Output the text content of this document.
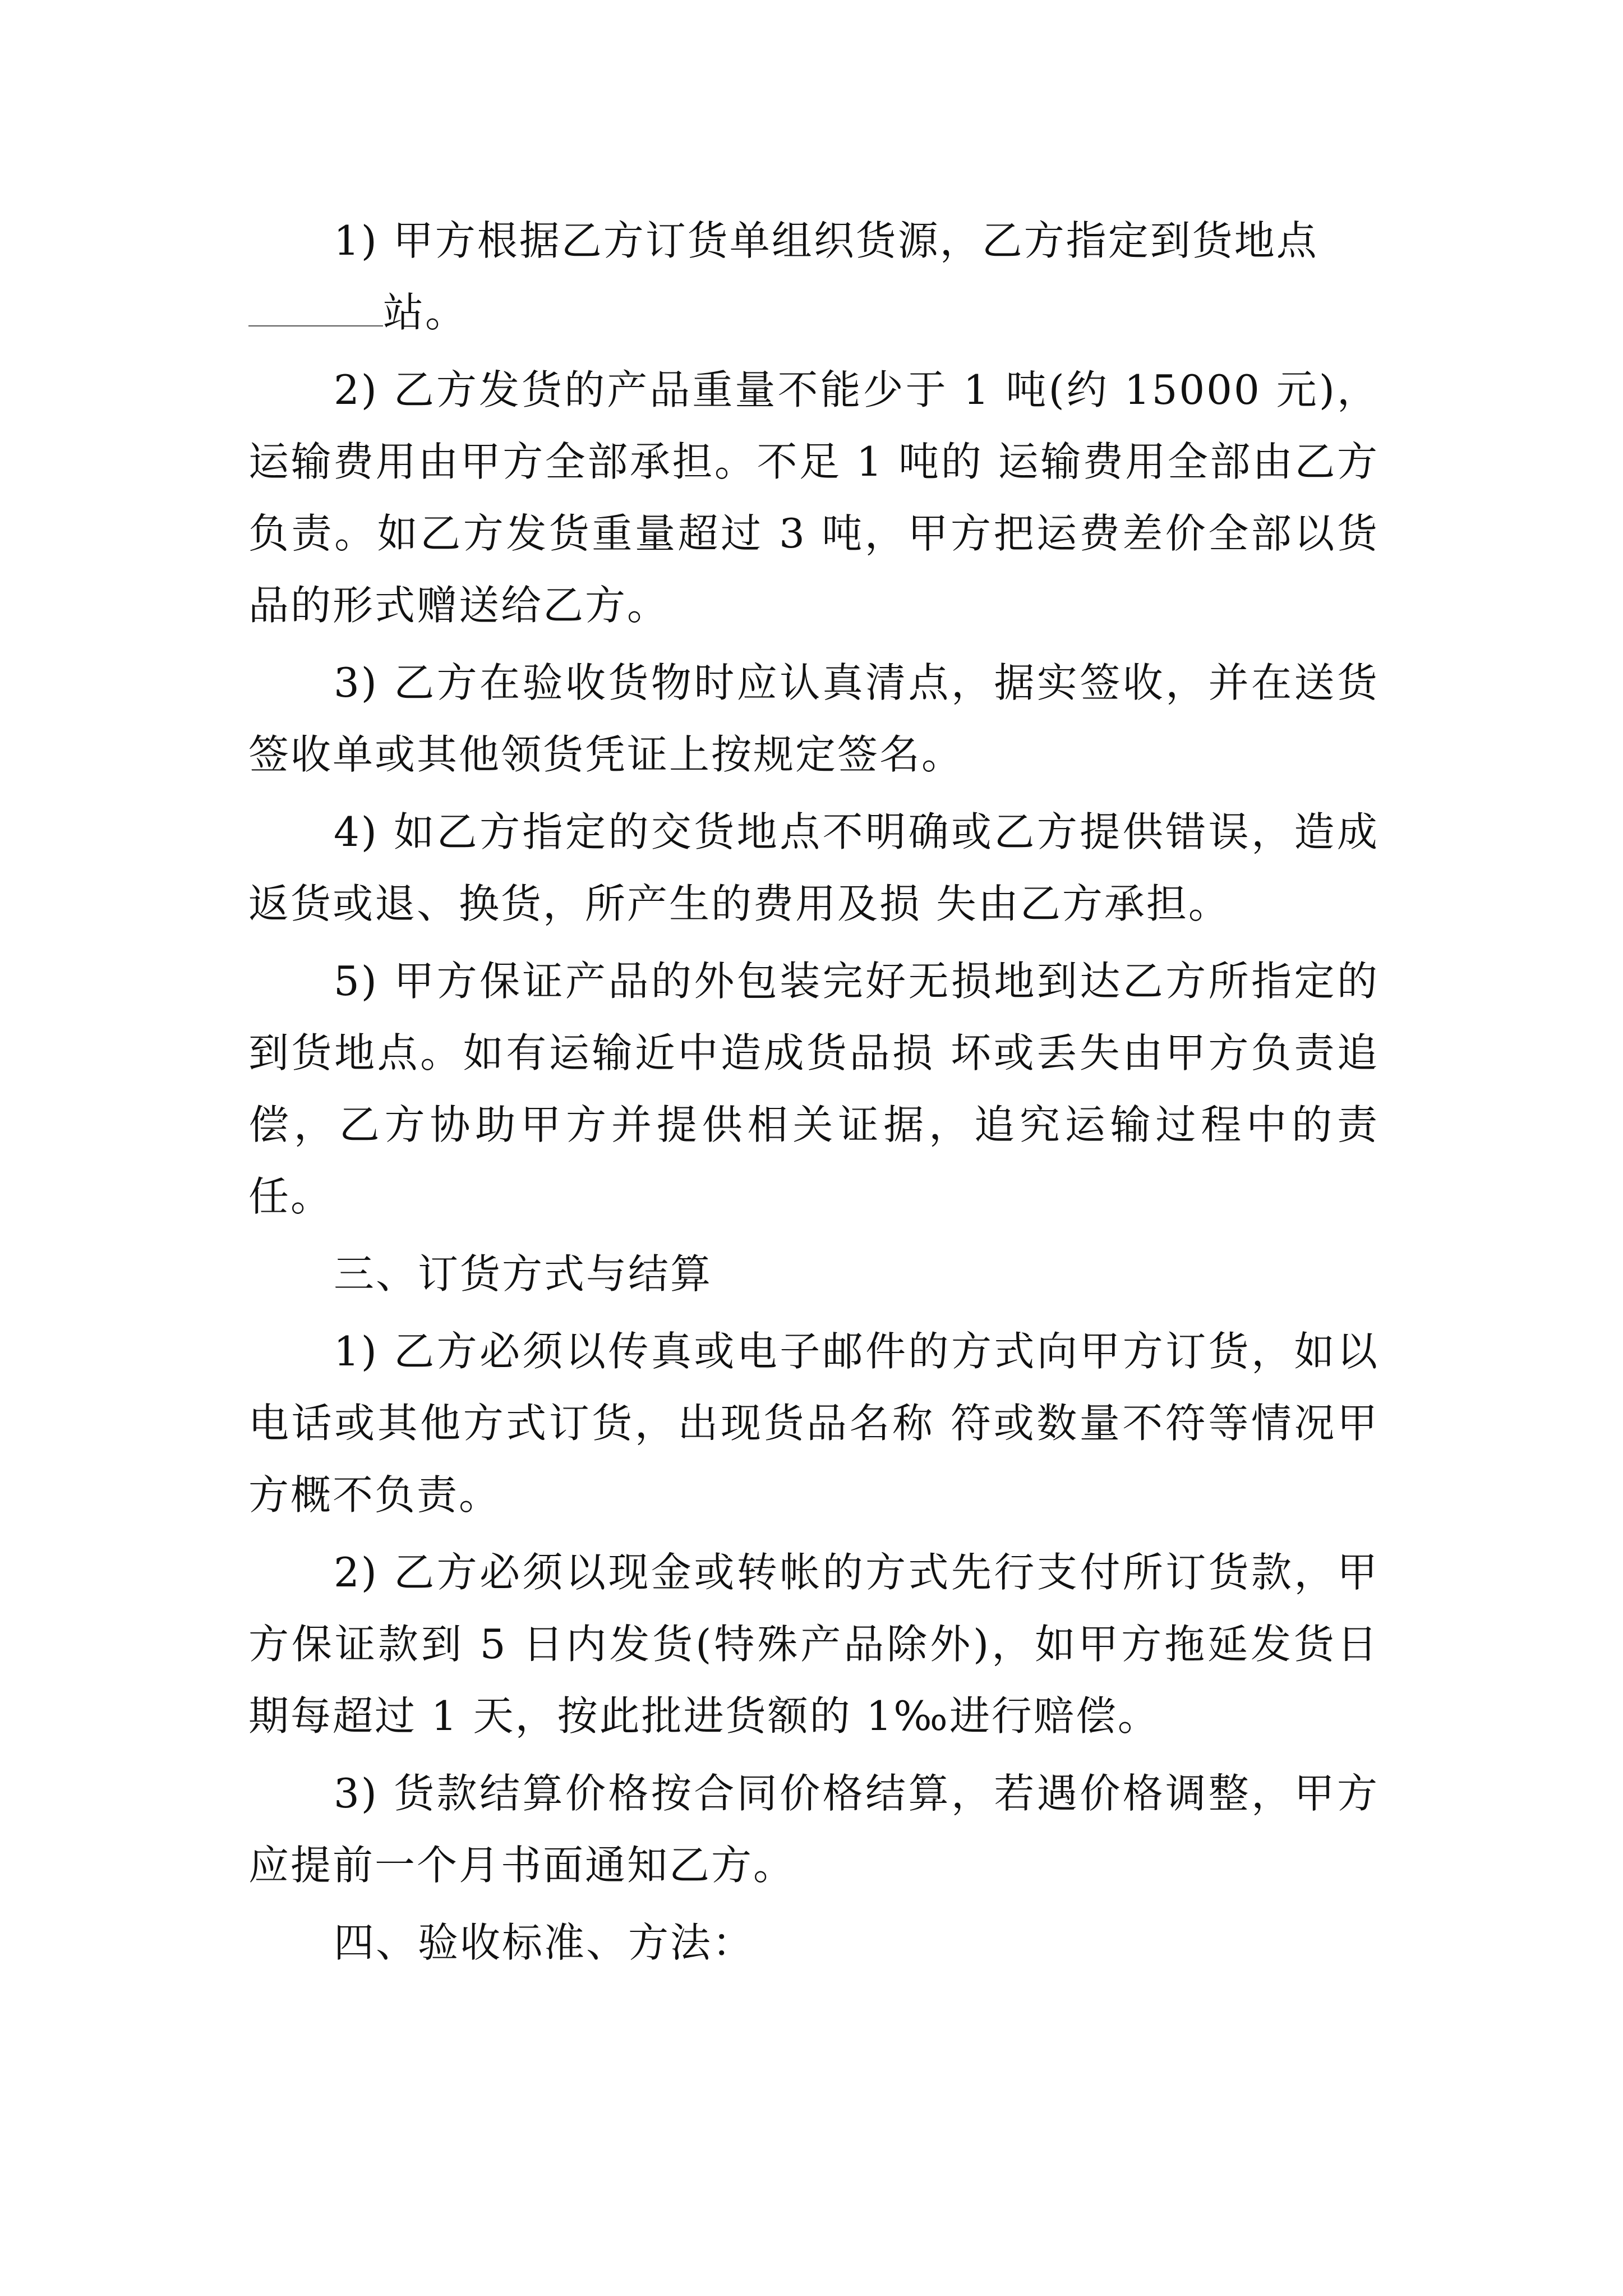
1) 甲方根据乙方订货单组织货源，乙方指定到货地点
站。

2) 乙方发货的产品重量不能少于 1 吨(约 15000 元)，运输费用由甲方全部承担。不足 1 吨的 运输费用全部由乙方负责。如乙方发货重量超过 3 吨，甲方把运费差价全部以货品的形式赠送给乙方。

3) 乙方在验收货物时应认真清点，据实签收，并在送货签收单或其他领货凭证上按规定签名。

4) 如乙方指定的交货地点不明确或乙方提供错误，造成返货或退、换货，所产生的费用及损 失由乙方承担。

5) 甲方保证产品的外包装完好无损地到达乙方所指定的到货地点。如有运输近中造成货品损 坏或丢失由甲方负责追偿，乙方协助甲方并提供相关证据，追究运输过程中的责任。

三、订货方式与结算

1) 乙方必须以传真或电子邮件的方式向甲方订货，如以电话或其他方式订货，出现货品名称 符或数量不符等情况甲方概不负责。

2) 乙方必须以现金或转帐的方式先行支付所订货款，甲方保证款到 5 日内发货(特殊产品除外)，如甲方拖延发货日期每超过 1 天，按此批进货额的 1‰进行赔偿。

3) 货款结算价格按合同价格结算，若遇价格调整，甲方应提前一个月书面通知乙方。

四、验收标准、方法：
